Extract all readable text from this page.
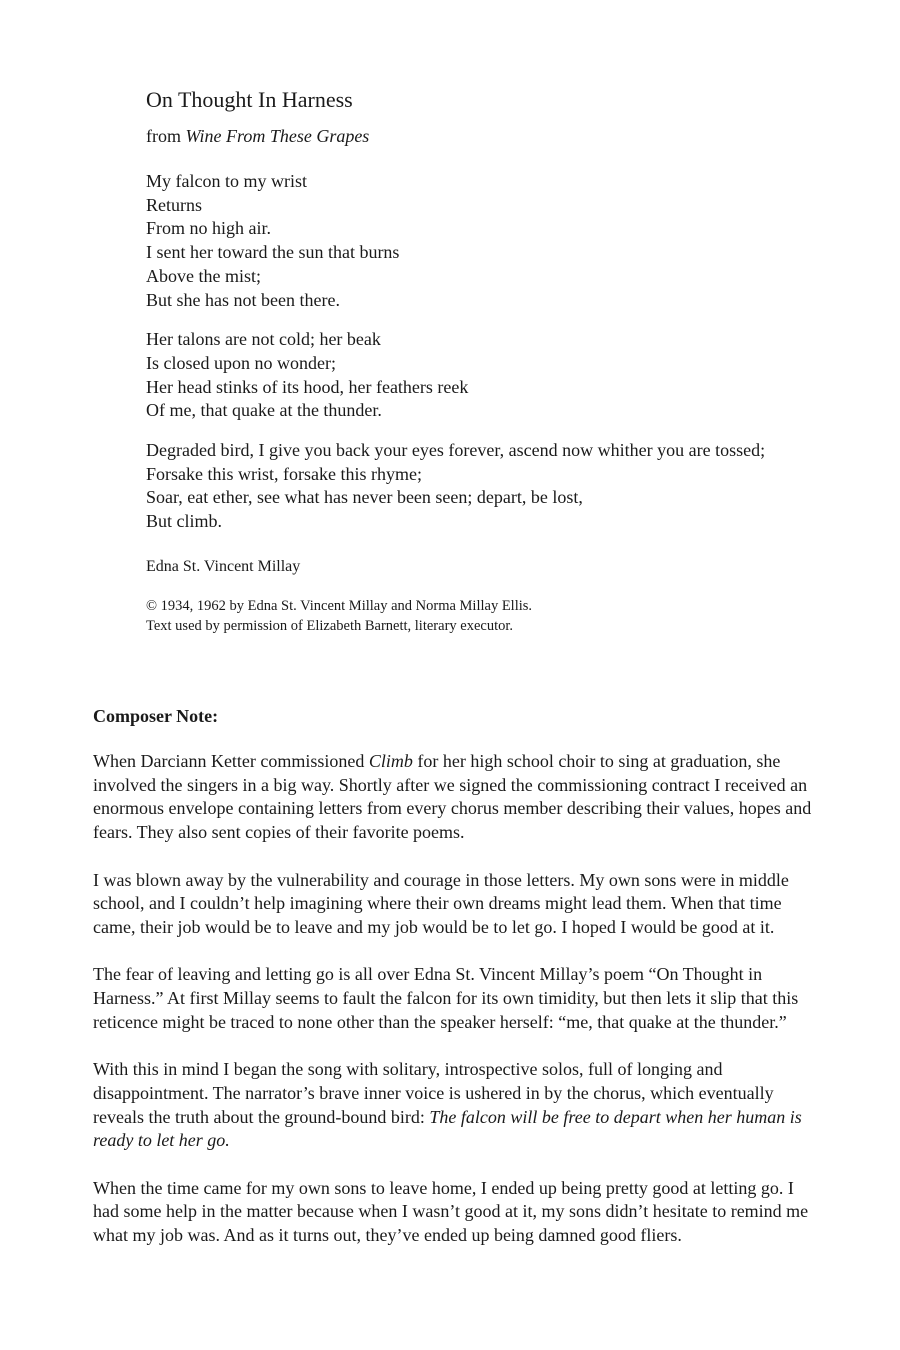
On Thought In Harness
from Wine From These Grapes
My falcon to my wrist
Returns
From no high air.
I sent her toward the sun that burns
Above the mist;
But she has not been there.
Her talons are not cold; her beak
Is closed upon no wonder;
Her head stinks of its hood, her feathers reek
Of me, that quake at the thunder.
Degraded bird, I give you back your eyes forever, ascend now whither you are tossed;
Forsake this wrist, forsake this rhyme;
Soar, eat ether, see what has never been seen; depart, be lost,
But climb.
Edna St. Vincent Millay
© 1934, 1962 by Edna St. Vincent Millay and Norma Millay Ellis.
Text used by permission of Elizabeth Barnett, literary executor.
Composer Note:

When Darciann Ketter commissioned Climb for her high school choir to sing at graduation, she involved the singers in a big way. Shortly after we signed the commissioning contract I received an enormous envelope containing letters from every chorus member describing their values, hopes and fears. They also sent copies of their favorite poems.

I was blown away by the vulnerability and courage in those letters. My own sons were in middle school, and I couldn’t help imagining where their own dreams might lead them. When that time came, their job would be to leave and my job would be to let go. I hoped I would be good at it.

The fear of leaving and letting go is all over Edna St. Vincent Millay’s poem “On Thought in Harness.” At first Millay seems to fault the falcon for its own timidity, but then lets it slip that this reticence might be traced to none other than the speaker herself: “me, that quake at the thunder.”

With this in mind I began the song with solitary, introspective solos, full of longing and disappointment. The narrator’s brave inner voice is ushered in by the chorus, which eventually reveals the truth about the ground-bound bird: The falcon will be free to depart when her human is ready to let her go.

When the time came for my own sons to leave home, I ended up being pretty good at letting go. I had some help in the matter because when I wasn’t good at it, my sons didn’t hesitate to remind me what my job was. And as it turns out, they’ve ended up being damned good fliers.
